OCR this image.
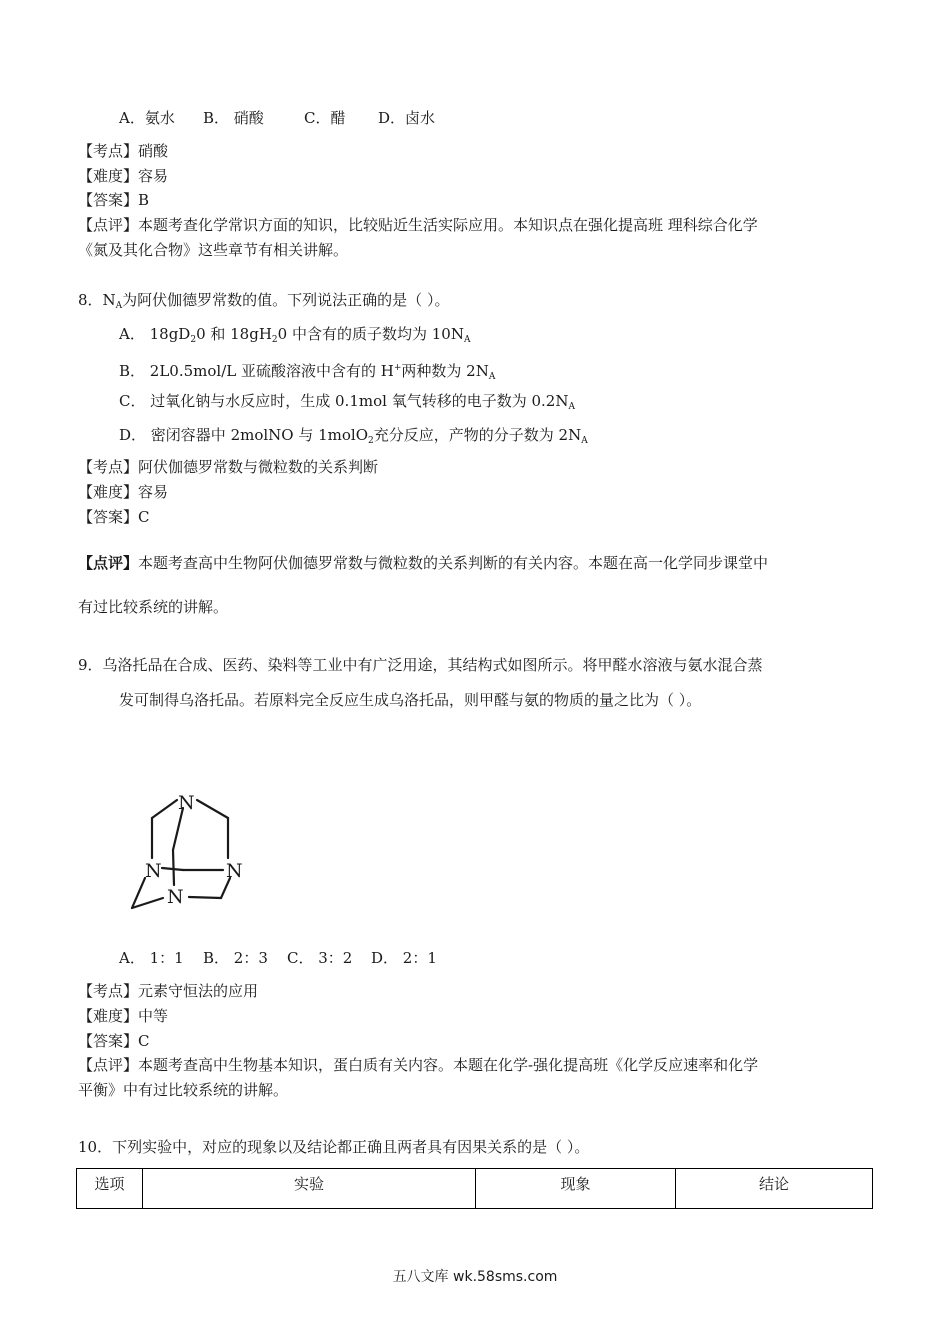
A．氨水 B． 硝酸	C．醋 D．卤水
【考点】硝酸
【难度】容易
【答案】B
【点评】本题考查化学常识方面的知识，比较贴近生活实际应用。本知识点在强化提高班 理科综合化学
《氮及其化合物》这些章节有相关讲解。
8．$N_A$为阿伏伽德罗常数的值。下列说法正确的是（ ）。
A． $18gD_20$ 和 $18gH_20$ 中含有的质子数均为 $10N_A$
B． 2L0.5mol/L 亚硫酸溶液中含有的 H+两种数为 $2N_A$
C． 过氧化钠与水反应时，生成 0.1mol 氧气转移的电子数为 $0.2N_A$
D． 密闭容器中 2molNO 与 1molO$_2$充分反应，产物的分子数为 $2N_A$
【考点】阿伏伽德罗常数与微粒数的关系判断
【难度】容易
【答案】C
【点评】本题考查高中生物阿伏伽德罗常数与微粒数的关系判断的有关内容。本题在高一化学同步课堂中
有过比较系统的讲解。
9．乌洛托品在合成、医药、染料等工业中有广泛用途，其结构式如图所示。将甲醛水溶液与氨水混合蒸
发可制得乌洛托品。若原料完全反应生成乌洛托品，则甲醛与氨的物质的量之比为（ ）。
N
N	N
N
A． 1：1 B． 2：3 C． 3：2 D． 2：1
【考点】元素守恒法的应用
【难度】中等
【答案】C
【点评】本题考查高中生物基本知识，蛋白质有关内容。本题在化学-强化提高班《化学反应速率和化学
平衡》中有过比较系统的讲解。
10．下列实验中，对应的现象以及结论都正确且两者具有因果关系的是（ ）。
选项	实验	现象	结论
五八文库 wk.58sms.com
